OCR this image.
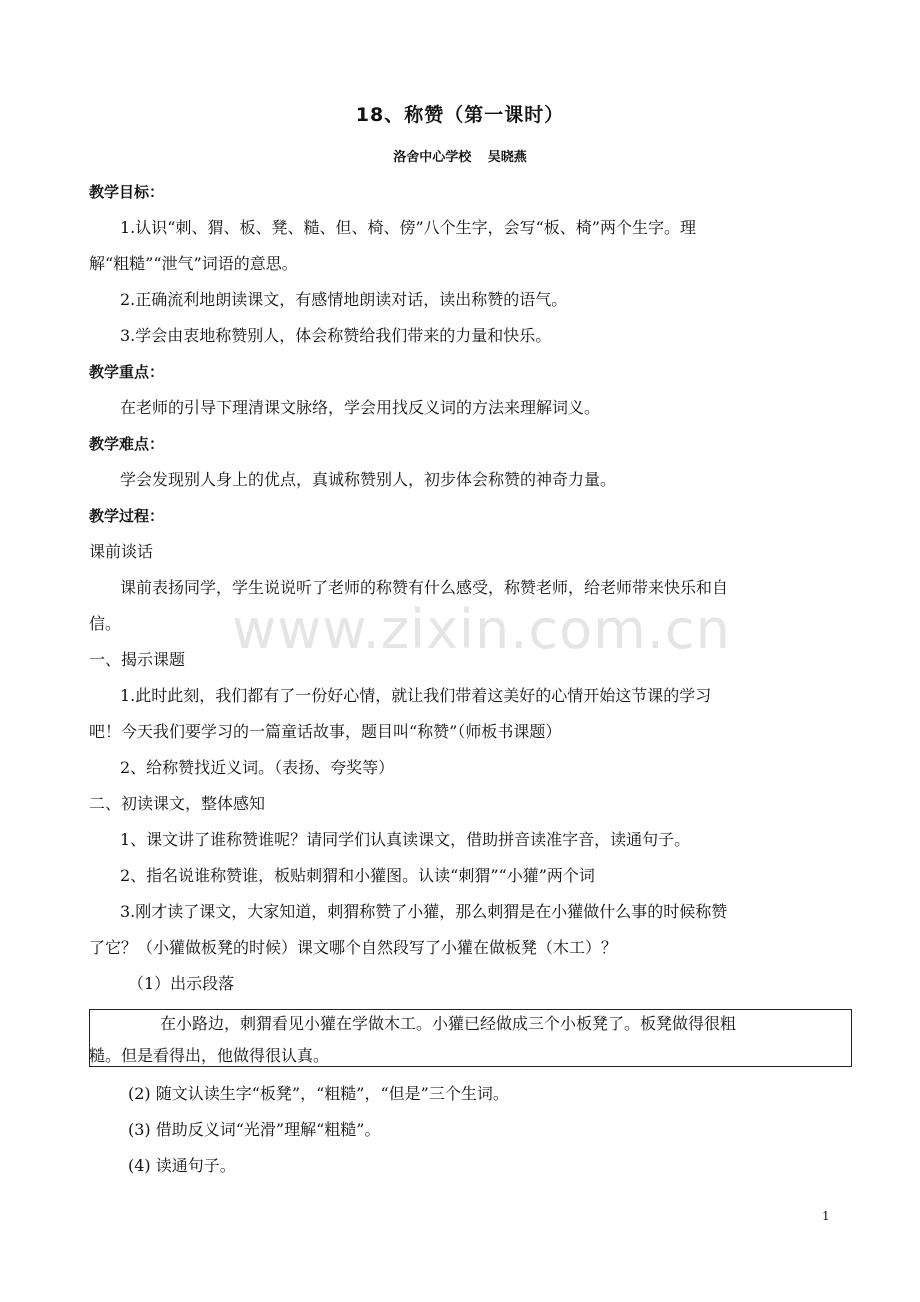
18、称赞（第一课时）
洛舍中心学校 吴晓燕
教学目标：
1.认识“刺、猬、板、凳、糙、但、椅、傍”八个生字，会写“板、椅”两个生字。理
解“粗糙”“泄气”词语的意思。
2.正确流利地朗读课文，有感情地朗读对话，读出称赞的语气。
3.学会由衷地称赞别人，体会称赞给我们带来的力量和快乐。
教学重点：
在老师的引导下理清课文脉络，学会用找反义词的方法来理解词义。
教学难点：
学会发现别人身上的优点，真诚称赞别人，初步体会称赞的神奇力量。
教学过程：
课前谈话
课前表扬同学，学生说说听了老师的称赞有什么感受，称赞老师，给老师带来快乐和自
信。
一、揭示课题
1.此时此刻，我们都有了一份好心情，就让我们带着这美好的心情开始这节课的学习
吧！今天我们要学习的一篇童话故事，题目叫“称赞”（师板书课题）
2、给称赞找近义词。（表扬、夸奖等）
二、初读课文，整体感知
1、课文讲了谁称赞谁呢？请同学们认真读课文，借助拼音读准字音，读通句子。
2、指名说谁称赞谁，板贴刺猬和小獾图。认读“刺猬”“小獾”两个词
3.刚才读了课文，大家知道，刺猬称赞了小獾，那么刺猬是在小獾做什么事的时候称赞
了它？（小獾做板凳的时候）课文哪个自然段写了小獾在做板凳（木工）？
（1）出示段落
在小路边，刺猬看见小獾在学做木工。小獾已经做成三个小板凳了。板凳做得很粗
糙。但是看得出，他做得很认真。
(2) 随文认读生字“板凳”，“粗糙”，“但是”三个生词。
(3) 借助反义词“光滑”理解“粗糙”。
(4) 读通句子。
www.zixin.com.cn
1
